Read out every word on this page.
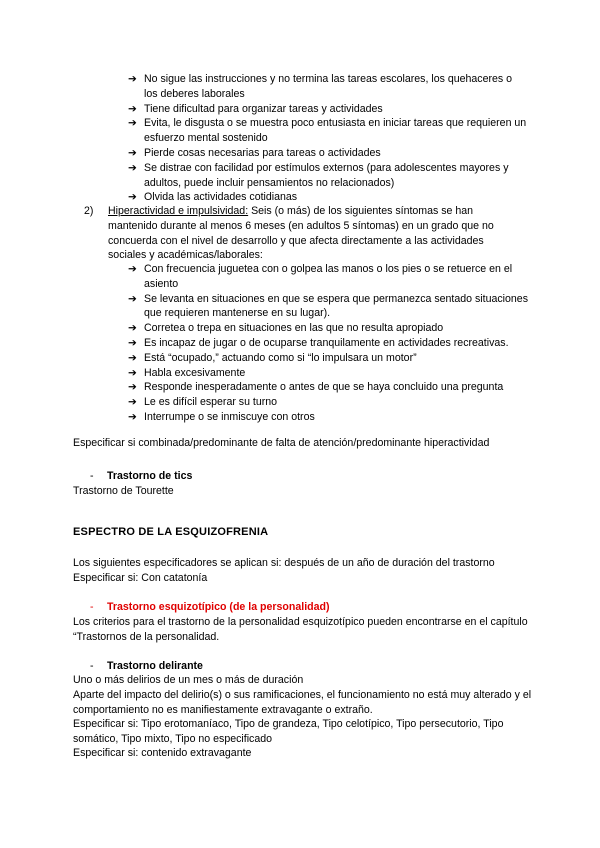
➔ No sigue las instrucciones y no termina las tareas escolares, los quehaceres o los deberes laborales
➔ Tiene dificultad para organizar tareas y actividades
➔ Evita, le disgusta o se muestra poco entusiasta en iniciar tareas que requieren un esfuerzo mental sostenido
➔ Pierde cosas necesarias para tareas o actividades
➔ Se distrae con facilidad por estímulos externos (para adolescentes mayores y adultos, puede incluir pensamientos no relacionados)
➔ Olvida las actividades cotidianas
2)	Hiperactividad e impulsividad: Seis (o más) de los siguientes síntomas se han mantenido durante al menos 6 meses (en adultos 5 síntomas) en un grado que no concuerda con el nivel de desarrollo y que afecta directamente a las actividades sociales y académicas/laborales:
➔ Con frecuencia juguetea con o golpea las manos o los pies o se retuerce en el asiento
➔ Se levanta en situaciones en que se espera que permanezca sentado situaciones que requieren mantenerse en su lugar).
➔ Corretea o trepa en situaciones en las que no resulta apropiado
➔ Es incapaz de jugar o de ocuparse tranquilamente en actividades recreativas.
➔ Está “ocupado,” actuando como si “lo impulsara un motor”
➔ Habla excesivamente
➔ Responde inesperadamente o antes de que se haya concluido una pregunta
➔ Le es difícil esperar su turno
➔ Interrumpe o se inmiscuye con otros

Especificar si combinada/predominante de falta de atención/predominante hiperactividad

- Trastorno de tics

Trastorno de Tourette

ESPECTRO DE LA ESQUIZOFRENIA

Los siguientes especificadores se aplican si: después de un año de duración del trastorno

Especificar si: Con catatonía

- Trastorno esquizotípico (de la personalidad)

Los criterios para el trastorno de la personalidad esquizotípico pueden encontrarse en el capítulo “Trastornos de la personalidad.

- Trastorno delirante

Uno o más delirios de un mes o más de duración

Aparte del impacto del delirio(s) o sus ramificaciones, el funcionamiento no está muy alterado y el comportamiento no es manifiestamente extravagante o extraño.

Especificar si: Tipo erotomaníaco, Tipo de grandeza, Tipo celotípico, Tipo persecutorio, Tipo somático, Tipo mixto, Tipo no especificado

Especificar si: contenido extravagante
